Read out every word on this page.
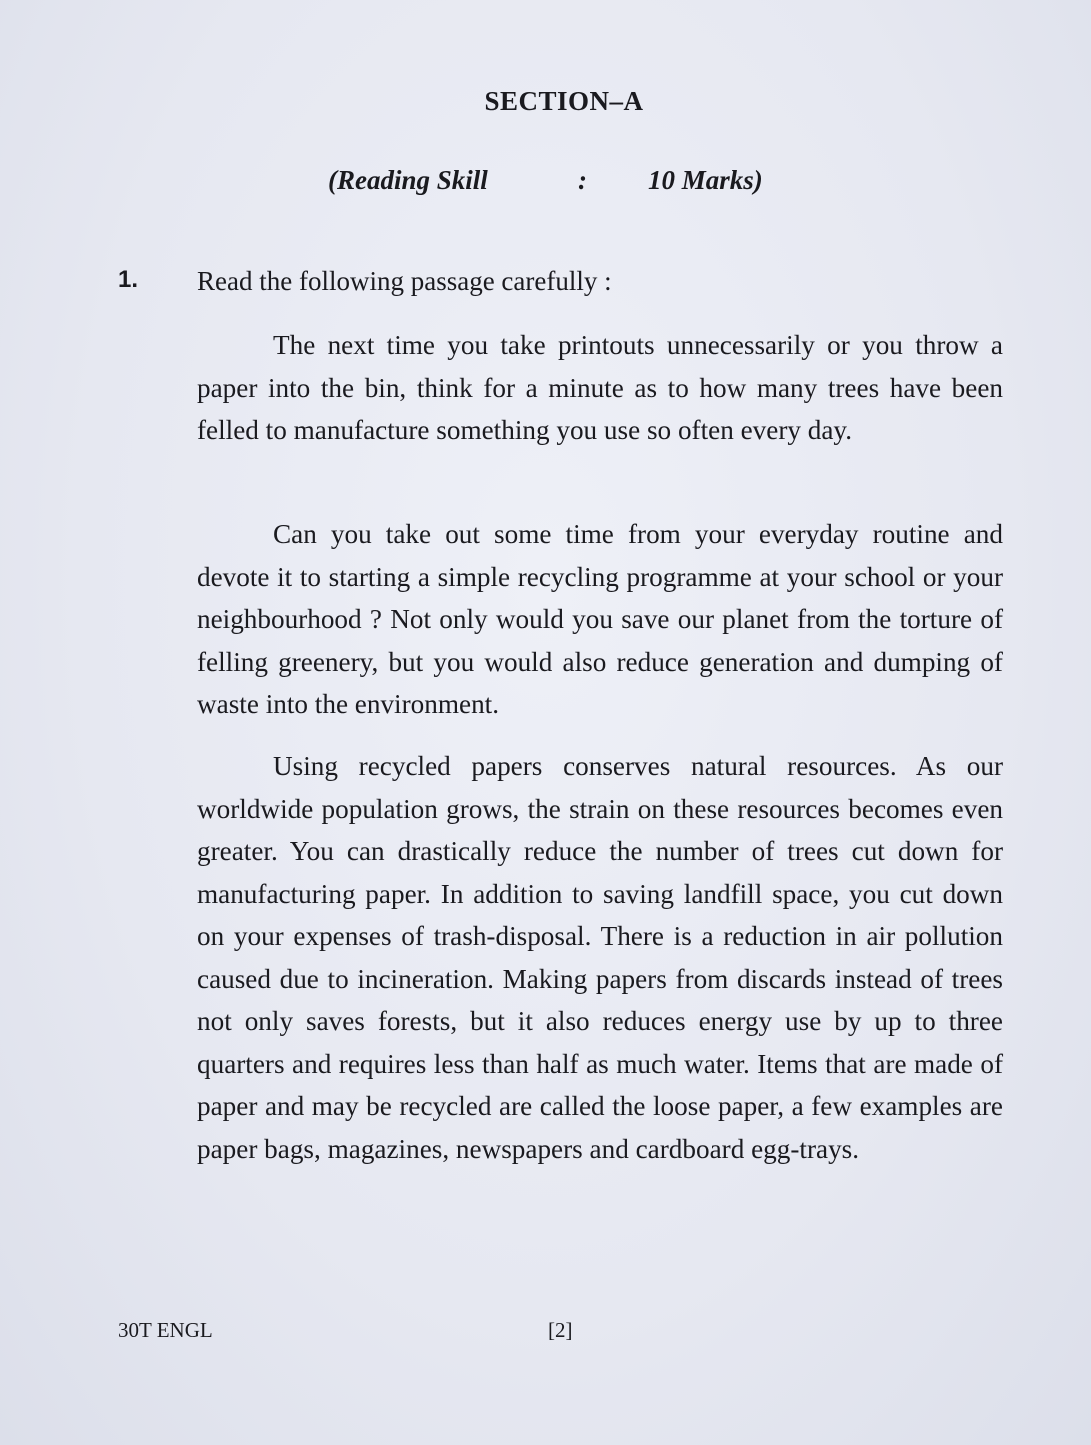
SECTION–A
(Reading Skill	: 10 Marks)
1. Read the following passage carefully :

The next time you take printouts unnecessarily or you throw a paper into the bin, think for a minute as to how many trees have been felled to manufacture something you use so often every day.

Can you take out some time from your everyday routine and devote it to starting a simple recycling programme at your school or your neighbourhood ? Not only would you save our planet from the torture of felling greenery, but you would also reduce generation and dumping of waste into the environment.

Using recycled papers conserves natural resources. As our worldwide population grows, the strain on these resources becomes even greater. You can drastically reduce the number of trees cut down for manufacturing paper. In addition to saving landfill space, you cut down on your expenses of trash-disposal. There is a reduction in air pollution caused due to incineration. Making papers from discards instead of trees not only saves forests, but it also reduces energy use by up to three quarters and requires less than half as much water. Items that are made of paper and may be recycled are called the loose paper, a few examples are paper bags, magazines, newspapers and cardboard egg-trays.

30T ENGL	[2]
